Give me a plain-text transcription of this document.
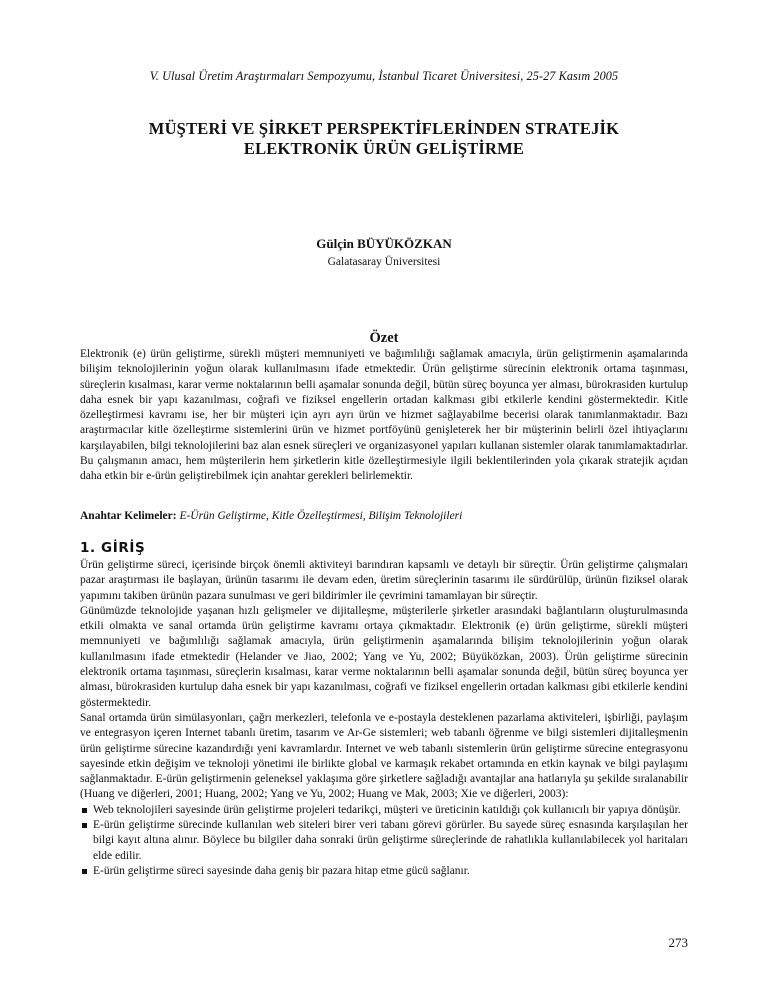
V. Ulusal Üretim Araştırmaları Sempozyumu, İstanbul Ticaret Üniversitesi, 25-27 Kasım 2005
MÜŞTERİ VE ŞİRKET PERSPEKTİFLERİNDEN STRATEJİK
ELEKTRONİK ÜRÜN GELİŞTİRME
Gülçin BÜYÜKÖZKAN
Galatasaray Üniversitesi
Özet

Elektronik (e) ürün geliştirme, sürekli müşteri memnuniyeti ve bağımlılığı sağlamak amacıyla, ürün geliştirmenin aşamalarında bilişim teknolojilerinin yoğun olarak kullanılmasını ifade etmektedir. Ürün geliştirme sürecinin elektronik ortama taşınması, süreçlerin kısalması, karar verme noktalarının belli aşamalar sonunda değil, bütün süreç boyunca yer alması, bürokrasiden kurtulup daha esnek bir yapı kazanılması, coğrafi ve fiziksel engellerin ortadan kalkması gibi etkilerle kendini göstermektedir. Kitle özelleştirmesi kavramı ise, her bir müşteri için ayrı ayrı ürün ve hizmet sağlayabilme becerisi olarak tanımlanmaktadır. Bazı araştırmacılar kitle özelleştirme sistemlerini ürün ve hizmet portföyünü genişleterek her bir müşterinin belirli özel ihtiyaçlarını karşılayabilen, bilgi teknolojilerini baz alan esnek süreçleri ve organizasyonel yapıları kullanan sistemler olarak tanımlamaktadırlar. Bu çalışmanın amacı, hem müşterilerin hem şirketlerin kitle özelleştirmesiyle ilgili beklentilerinden yola çıkarak stratejik açıdan daha etkin bir e-ürün geliştirebilmek için anahtar gerekleri belirlemektir.

Anahtar Kelimeler: E-Ürün Geliştirme, Kitle Özelleştirmesi, Bilişim Teknolojileri

1. GİRİŞ

Ürün geliştirme süreci, içerisinde birçok önemli aktiviteyi barındıran kapsamlı ve detaylı bir süreçtir. Ürün geliştirme çalışmaları pazar araştırması ile başlayan, ürünün tasarımı ile devam eden, üretim süreçlerinin tasarımı ile sürdürülüp, ürünün fiziksel olarak yapımını takiben ürünün pazara sunulması ve geri bildirimler ile çevrimini tamamlayan bir süreçtir.

Günümüzde teknolojide yaşanan hızlı gelişmeler ve dijitalleşme, müşterilerle şirketler arasındaki bağlantıların oluşturulmasında etkili olmakta ve sanal ortamda ürün geliştirme kavramı ortaya çıkmaktadır. Elektronik (e) ürün geliştirme, sürekli müşteri memnuniyeti ve bağımlılığı sağlamak amacıyla, ürün geliştirmenin aşamalarında bilişim teknolojilerinin yoğun olarak kullanılmasını ifade etmektedir (Helander ve Jiao, 2002; Yang ve Yu, 2002; Büyüközkan, 2003). Ürün geliştirme sürecinin elektronik ortama taşınması, süreçlerin kısalması, karar verme noktalarının belli aşamalar sonunda değil, bütün süreç boyunca yer alması, bürokrasiden kurtulup daha esnek bir yapı kazanılması, coğrafi ve fiziksel engellerin ortadan kalkması gibi etkilerle kendini göstermektedir.

Sanal ortamda ürün simülasyonları, çağrı merkezleri, telefonla ve e-postayla desteklenen pazarlama aktiviteleri, işbirliği, paylaşım ve entegrasyon içeren Internet tabanlı üretim, tasarım ve Ar-Ge sistemleri; web tabanlı öğrenme ve bilgi sistemleri dijitalleşmenin ürün geliştirme sürecine kazandırdığı yeni kavramlardır. Internet ve web tabanlı sistemlerin ürün geliştirme sürecine entegrasyonu sayesinde etkin değişim ve teknoloji yönetimi ile birlikte global ve karmaşık rekabet ortamında en etkin kaynak ve bilgi paylaşımı sağlanmaktadır. E-ürün geliştirmenin geleneksel yaklaşıma göre şirketlere sağladığı avantajlar ana hatlarıyla şu şekilde sıralanabilir (Huang ve diğerleri, 2001; Huang, 2002; Yang ve Yu, 2002; Huang ve Mak, 2003; Xie ve diğerleri, 2003):

Web teknolojileri sayesinde ürün geliştirme projeleri tedarikçi, müşteri ve üreticinin katıldığı çok kullanıcılı bir yapıya dönüşür.
E-ürün geliştirme sürecinde kullanılan web siteleri birer veri tabanı görevi görürler. Bu sayede süreç esnasında karşılaşılan her bilgi kayıt altına alınır. Böylece bu bilgiler daha sonraki ürün geliştirme süreçlerinde de rahatlıkla kullanılabilecek yol haritaları elde edilir.
E-ürün geliştirme süreci sayesinde daha geniş bir pazara hitap etme gücü sağlanır.
273
